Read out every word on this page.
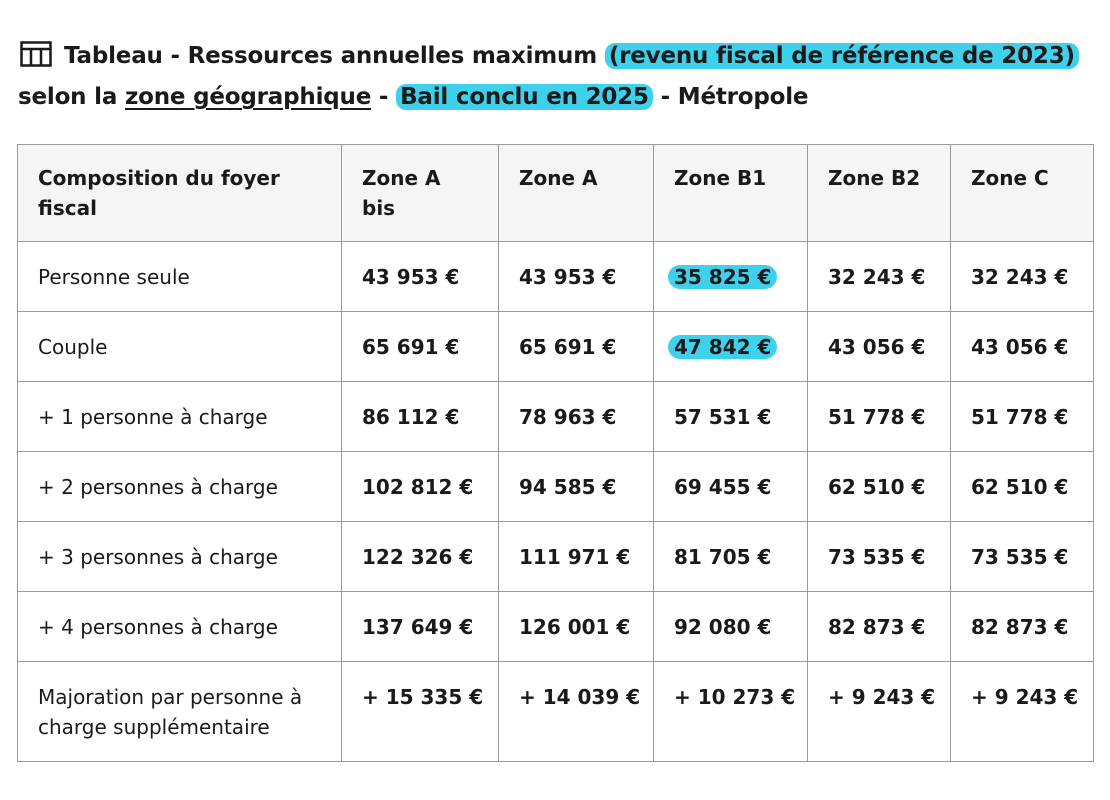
Tableau - Ressources annuelles maximum (revenu fiscal de référence de 2023)
selon la zone géographique - Bail conclu en 2025 - Métropole
Composition du foyer fiscal	Zone A bis	Zone A	Zone B1	Zone B2	Zone C
Personne seule	43 953 €	43 953 €	35 825 €	32 243 €	32 243 €
Couple	65 691 €	65 691 €	47 842 €	43 056 €	43 056 €
+ 1 personne à charge	86 112 €	78 963 €	57 531 €	51 778 €	51 778 €
+ 2 personnes à charge	102 812 €	94 585 €	69 455 €	62 510 €	62 510 €
+ 3 personnes à charge	122 326 €	111 971 €	81 705 €	73 535 €	73 535 €
+ 4 personnes à charge	137 649 €	126 001 €	92 080 €	82 873 €	82 873 €
Majoration par personne à charge supplémentaire	+ 15 335 €	+ 14 039 €	+ 10 273 €	+ 9 243 €	+ 9 243 €
